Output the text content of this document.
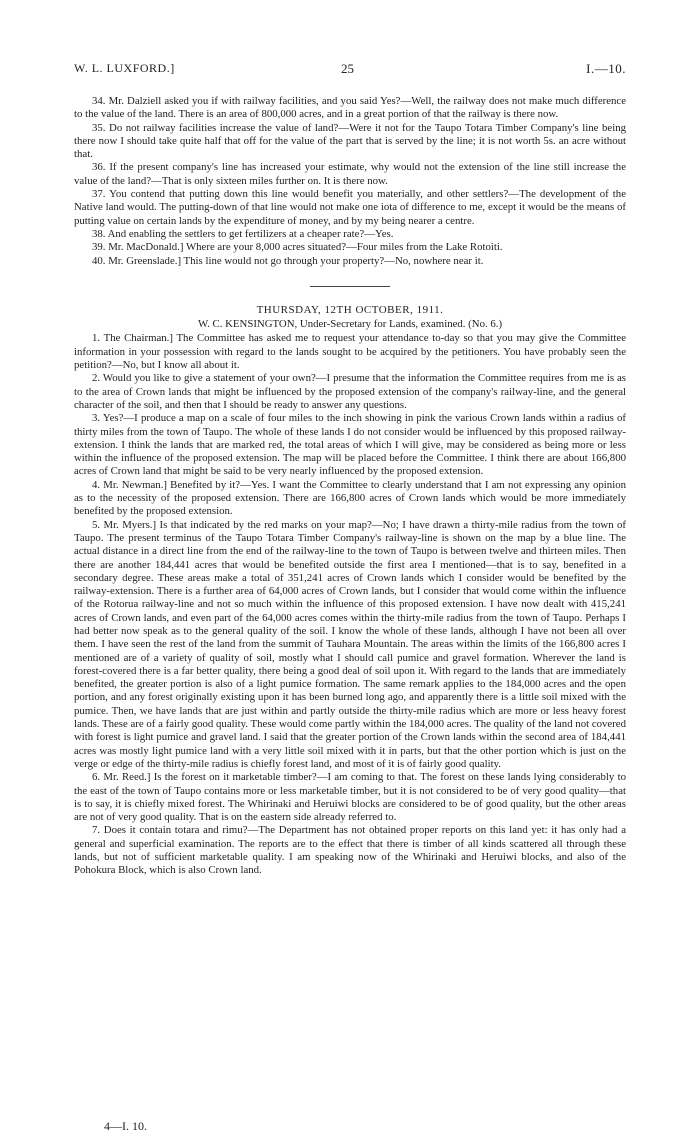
W. L. LUXFORD.]	25	I.—10.

34. Mr. Dalziell asked you if with railway facilities, and you said Yes?—Well, the railway does not make much difference to the value of the land. There is an area of 800,000 acres, and in a great portion of that the railway is there now.

35. Do not railway facilities increase the value of land?—Were it not for the Taupo Totara Timber Company's line being there now I should take quite half that off for the value of the part that is served by the line; it is not worth 5s. an acre without that.

36. If the present company's line has increased your estimate, why would not the extension of the line still increase the value of the land?—That is only sixteen miles further on. It is there now.

37. You contend that putting down this line would benefit you materially, and other settlers?—The development of the Native land would. The putting-down of that line would not make one iota of difference to me, except it would be the means of putting value on certain lands by the expenditure of money, and by my being nearer a centre.

38. And enabling the settlers to get fertilizers at a cheaper rate?—Yes.

39. Mr. MacDonald.] Where are your 8,000 acres situated?—Four miles from the Lake Rotoiti.

40. Mr. Greenslade.] This line would not go through your property?—No, nowhere near it.

THURSDAY, 12TH OCTOBER, 1911.
W. C. KENSINGTON, Under-Secretary for Lands, examined. (No. 6.)

1. The Chairman.] The Committee has asked me to request your attendance to-day so that you may give the Committee information in your possession with regard to the lands sought to be acquired by the petitioners. You have probably seen the petition?—No, but I know all about it.

2. Would you like to give a statement of your own?—I presume that the information the Committee requires from me is as to the area of Crown lands that might be influenced by the proposed extension of the company's railway-line, and the general character of the soil, and then that I should be ready to answer any questions.

3. Yes?—I produce a map on a scale of four miles to the inch showing in pink the various Crown lands within a radius of thirty miles from the town of Taupo. The whole of these lands I do not consider would be influenced by this proposed railway-extension. I think the lands that are marked red, the total areas of which I will give, may be considered as being more or less within the influence of the proposed extension. The map will be placed before the Committee. I think there are about 166,800 acres of Crown land that might be said to be very nearly influenced by the proposed extension.

4. Mr. Newman.] Benefited by it?—Yes. I want the Committee to clearly understand that I am not expressing any opinion as to the necessity of the proposed extension. There are 166,800 acres of Crown lands which would be more immediately benefited by the proposed extension.

5. Mr. Myers.] Is that indicated by the red marks on your map?—No; I have drawn a thirty-mile radius from the town of Taupo. The present terminus of the Taupo Totara Timber Company's railway-line is shown on the map by a blue line. The actual distance in a direct line from the end of the railway-line to the town of Taupo is between twelve and thirteen miles. Then there are another 184,441 acres that would be benefited outside the first area I mentioned—that is to say, benefited in a secondary degree. These areas make a total of 351,241 acres of Crown lands which I consider would be benefited by the railway-extension. There is a further area of 64,000 acres of Crown lands, but I consider that would come within the influence of the Rotorua railway-line and not so much within the influence of this proposed extension. I have now dealt with 415,241 acres of Crown lands, and even part of the 64,000 acres comes within the thirty-mile radius from the town of Taupo. Perhaps I had better now speak as to the general quality of the soil. I know the whole of these lands, although I have not been all over them. I have seen the rest of the land from the summit of Tauhara Mountain. The areas within the limits of the 166,800 acres I mentioned are of a variety of quality of soil, mostly what I should call pumice and gravel formation. Wherever the land is forest-covered there is a far better quality, there being a good deal of soil upon it. With regard to the lands that are immediately benefited, the greater portion is also of a light pumice formation. The same remark applies to the 184,000 acres and the open portion, and any forest originally existing upon it has been burned long ago, and apparently there is a little soil mixed with the pumice. Then, we have lands that are just within and partly outside the thirty-mile radius which are more or less heavy forest lands. These are of a fairly good quality. These would come partly within the 184,000 acres. The quality of the land not covered with forest is light pumice and gravel land. I said that the greater portion of the Crown lands within the second area of 184,441 acres was mostly light pumice land with a very little soil mixed with it in parts, but that the other portion which is just on the verge or edge of the thirty-mile radius is chiefly forest land, and most of it is of fairly good quality.

6. Mr. Reed.] Is the forest on it marketable timber?—I am coming to that. The forest on these lands lying considerably to the east of the town of Taupo contains more or less marketable timber, but it is not considered to be of very good quality—that is to say, it is chiefly mixed forest. The Whirinaki and Heruiwi blocks are considered to be of good quality, but the other areas are not of very good quality. That is on the eastern side already referred to.

7. Does it contain totara and rimu?—The Department has not obtained proper reports on this land yet: it has only had a general and superficial examination. The reports are to the effect that there is timber of all kinds scattered all through these lands, but not of sufficient marketable quality. I am speaking now of the Whirinaki and Heruiwi blocks, and also of the Pohokura Block, which is also Crown land.

4—I. 10.
